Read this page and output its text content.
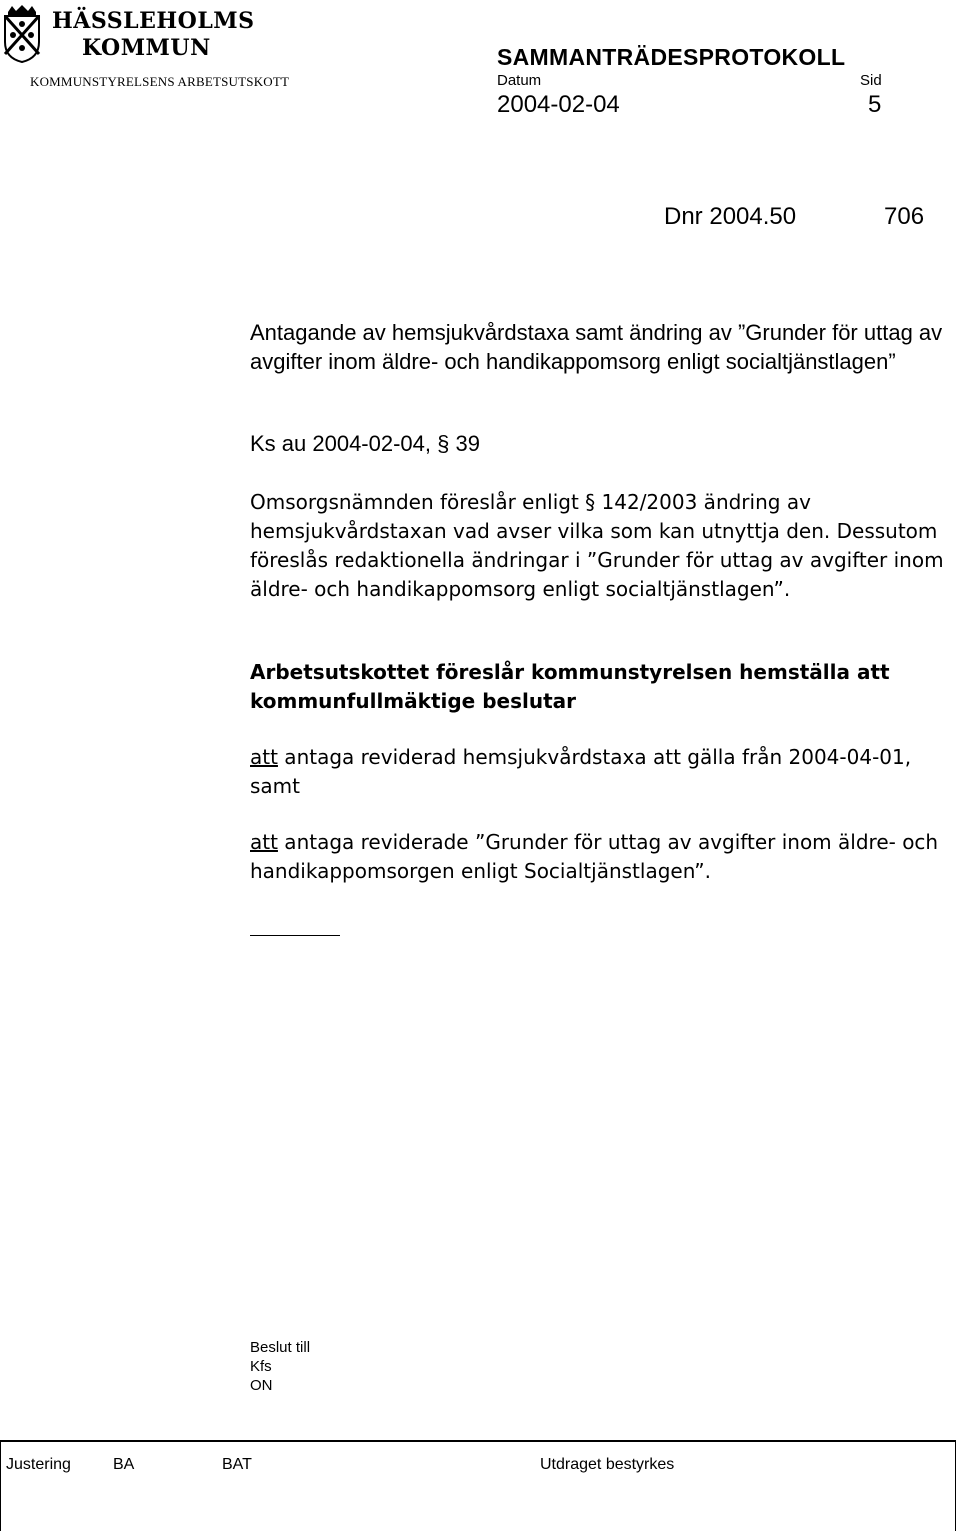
HÄSSLEHOLMS
KOMMUN
KOMMUNSTYRELSENS ARBETSUTSKOTT
SAMMANTRÄDESPROTOKOLL
Datum	Sid
2004-02-04	5
Dnr 2004.50	706
Antagande av hemsjukvårdstaxa samt ändring av ”Grunder för uttag av avgifter inom äldre- och handikappomsorg enligt socialtjänstlagen”
Ks au 2004-02-04, § 39
Omsorgsnämnden föreslår enligt § 142/2003 ändring av hemsjukvårdstaxan vad avser vilka som kan utnyttja den. Dessutom föreslås redaktionella ändringar i ”Grunder för uttag av avgifter inom äldre- och handikappomsorg enligt socialtjänstlagen”.
Arbetsutskottet föreslår kommunstyrelsen hemställa att kommunfullmäktige beslutar
att antaga reviderad hemsjukvårdstaxa att gälla från 2004-04-01, samt
att antaga reviderade ”Grunder för uttag av avgifter inom äldre- och handikappomsorgen enligt Socialtjänstlagen”.
Beslut till
Kfs
ON
Justering	BA	BAT	Utdraget bestyrkes
